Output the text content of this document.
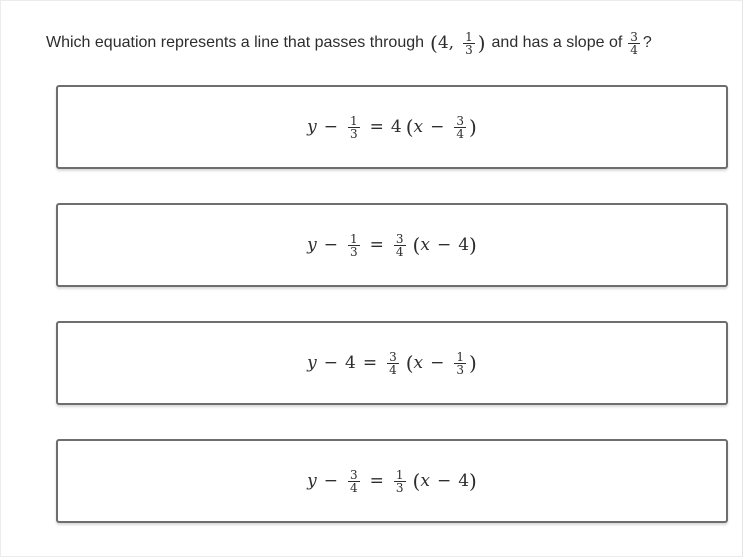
Which equation represents a line that passes through ( 4 , $\frac{1}{3}$ ) and has a slope of $\frac{3}{4}$ ?
$y - \frac{1}{3} = 4$ ( $x - \frac{3}{4}$ )
$y - \frac{1}{3} = \frac{3}{4}$ ( x − 4 )
$y - 4 = \frac{3}{4}$ ( $x - \frac{1}{3}$ )
$y - \frac{3}{4} = \frac{1}{3}$ ( x − 4 )
